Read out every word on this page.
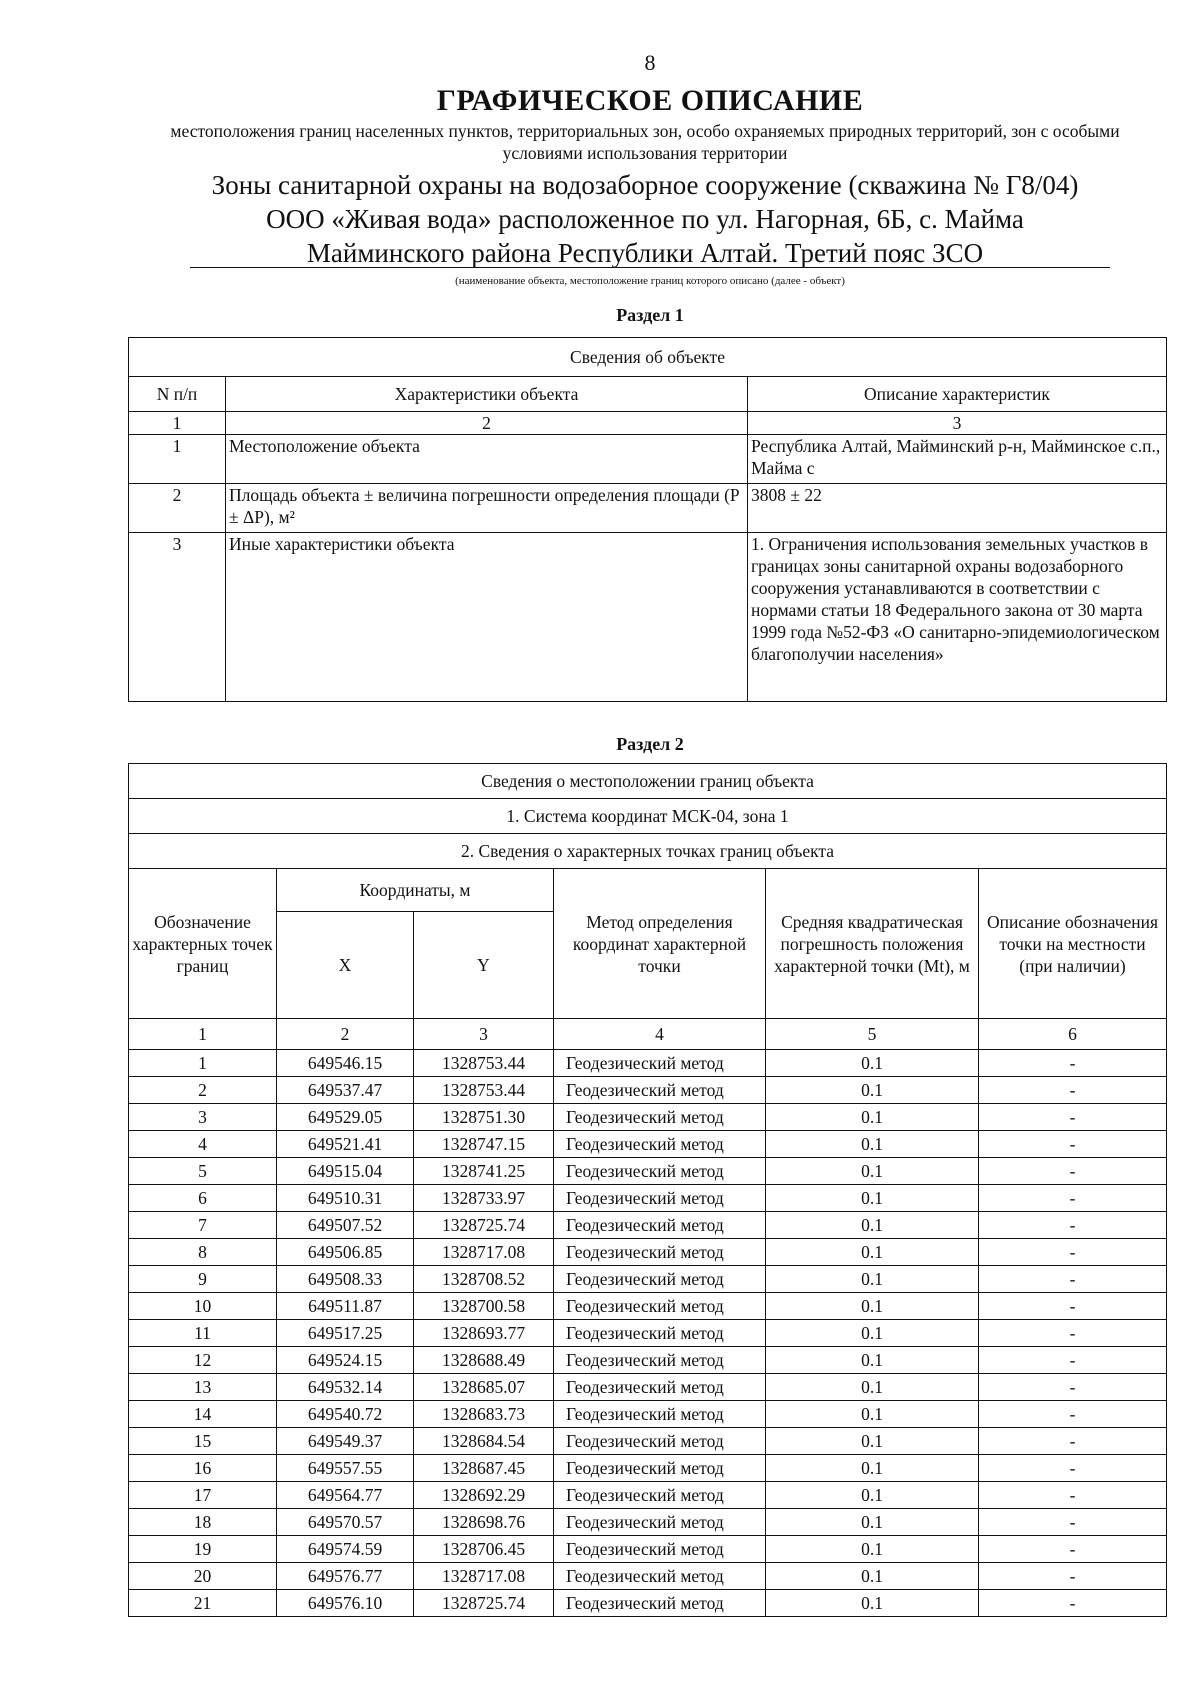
8
ГРАФИЧЕСКОЕ ОПИСАНИЕ
местоположения границ населенных пунктов, территориальных зон, особо охраняемых природных территорий, зон с особыми условиями использования территории
Зоны санитарной охраны на водозаборное сооружение (скважина № Г8/04)
ООО «Живая вода» расположенное по ул. Нагорная, 6Б, с. Майма
Майминского района Республики Алтай. Третий пояс ЗСО
(наименование объекта, местоположение границ которого описано (далее - объект)
Раздел 1
Сведения об объекте		
N п/п	Характеристики объекта	Описание характеристик
1	2	3
1	Местоположение объекта	Республика Алтай, Майминский р-н, Майминское с.п., Майма с
2	Площадь объекта ± величина погрешности определения площади (P ± ΔP), м²	3808 ± 22
3	Иные характеристики объекта	1. Ограничения использования земельных участков в границах зоны санитарной охраны водозаборного сооружения устанавливаются в соответствии с нормами статьи 18 Федерального закона от 30 марта 1999 года №52-ФЗ «О санитарно-эпидемиологическом благополучии населения»
Раздел 2
Сведения о местоположении границ объекта					
1. Система координат МСК-04, зона 1					
2. Сведения о характерных точках границ объекта					
Обозначение характерных точек границ	Координаты, м		Метод определения координат характерной точки	Средняя квадратическая погрешность положения характерной точки (Mt), м	Описание обозначения точки на местности (при наличии)
	X	Y			
1	2	3	4	5	6
1	649546.15	1328753.44	Геодезический метод	0.1	-
2	649537.47	1328753.44	Геодезический метод	0.1	-
3	649529.05	1328751.30	Геодезический метод	0.1	-
4	649521.41	1328747.15	Геодезический метод	0.1	-
5	649515.04	1328741.25	Геодезический метод	0.1	-
6	649510.31	1328733.97	Геодезический метод	0.1	-
7	649507.52	1328725.74	Геодезический метод	0.1	-
8	649506.85	1328717.08	Геодезический метод	0.1	-
9	649508.33	1328708.52	Геодезический метод	0.1	-
10	649511.87	1328700.58	Геодезический метод	0.1	-
11	649517.25	1328693.77	Геодезический метод	0.1	-
12	649524.15	1328688.49	Геодезический метод	0.1	-
13	649532.14	1328685.07	Геодезический метод	0.1	-
14	649540.72	1328683.73	Геодезический метод	0.1	-
15	649549.37	1328684.54	Геодезический метод	0.1	-
16	649557.55	1328687.45	Геодезический метод	0.1	-
17	649564.77	1328692.29	Геодезический метод	0.1	-
18	649570.57	1328698.76	Геодезический метод	0.1	-
19	649574.59	1328706.45	Геодезический метод	0.1	-
20	649576.77	1328717.08	Геодезический метод	0.1	-
21	649576.10	1328725.74	Геодезический метод	0.1	-
